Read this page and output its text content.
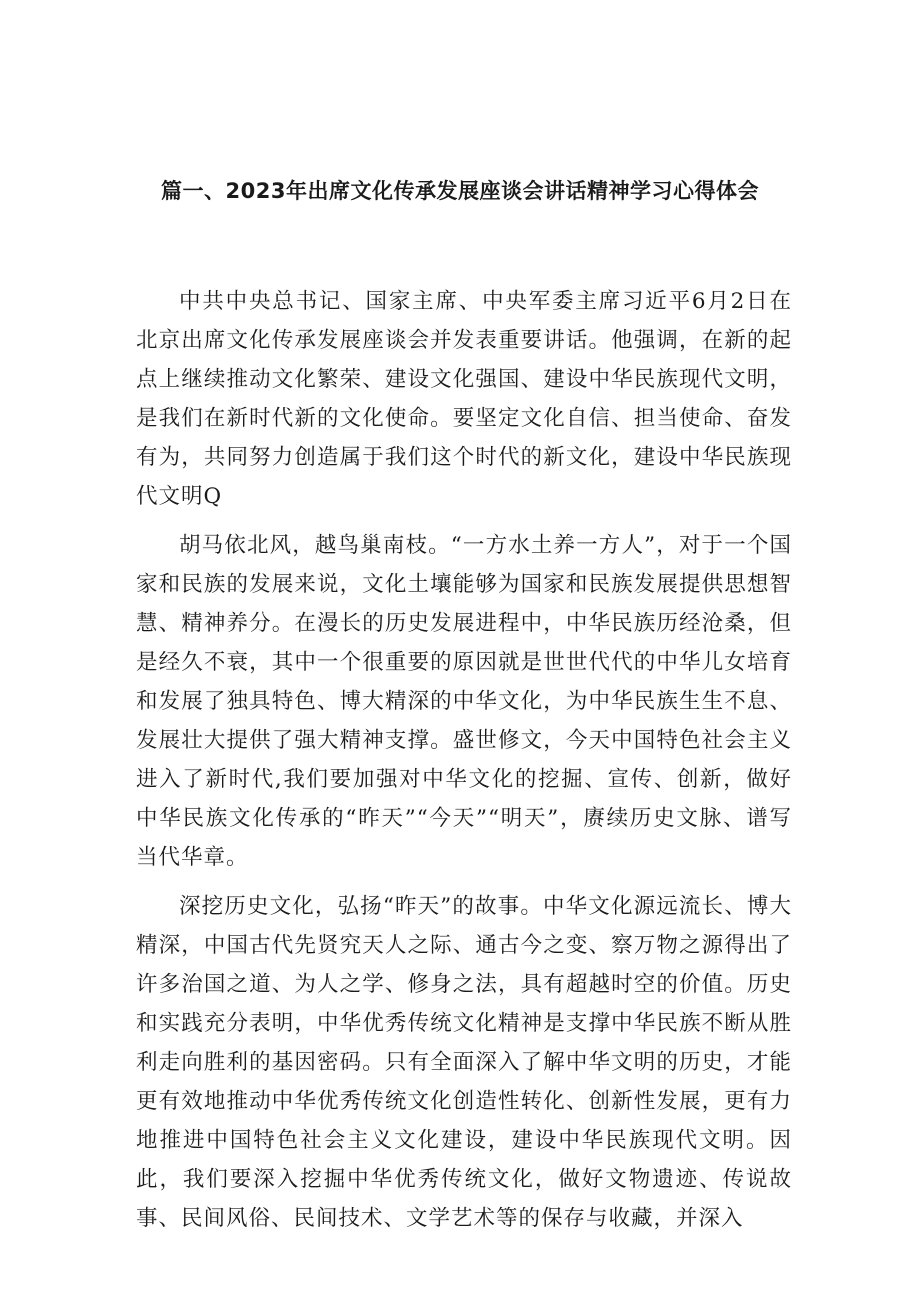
篇一、2023年出席文化传承发展座谈会讲话精神学习心得体会

中共中央总书记、国家主席、中央军委主席习近平6月2日在北京出席文化传承发展座谈会并发表重要讲话。他强调，在新的起点上继续推动文化繁荣、建设文化强国、建设中华民族现代文明，是我们在新时代新的文化使命。要坚定文化自信、担当使命、奋发有为，共同努力创造属于我们这个时代的新文化，建设中华民族现代文明Q

胡马依北风，越鸟巢南枝。“一方水土养一方人”，对于一个国家和民族的发展来说，文化土壤能够为国家和民族发展提供思想智慧、精神养分。在漫长的历史发展进程中，中华民族历经沧桑，但是经久不衰，其中一个很重要的原因就是世世代代的中华儿女培育和发展了独具特色、博大精深的中华文化，为中华民族生生不息、发展壮大提供了强大精神支撑。盛世修文，今天中国特色社会主义进入了新时代,我们要加强对中华文化的挖掘、宣传、创新，做好中华民族文化传承的“昨天”“今天”“明天”，赓续历史文脉、谱写当代华章。

深挖历史文化，弘扬“昨天”的故事。中华文化源远流长、博大精深，中国古代先贤究天人之际、通古今之变、察万物之源得出了许多治国之道、为人之学、修身之法，具有超越时空的价值。历史和实践充分表明，中华优秀传统文化精神是支撑中华民族不断从胜利走向胜利的基因密码。只有全面深入了解中华文明的历史，才能更有效地推动中华优秀传统文化创造性转化、创新性发展，更有力地推进中国特色社会主义文化建设，建设中华民族现代文明。因此，我们要深入挖掘中华优秀传统文化，做好文物遗迹、传说故事、民间风俗、民间技术、文学艺术等的保存与收藏，并深入
